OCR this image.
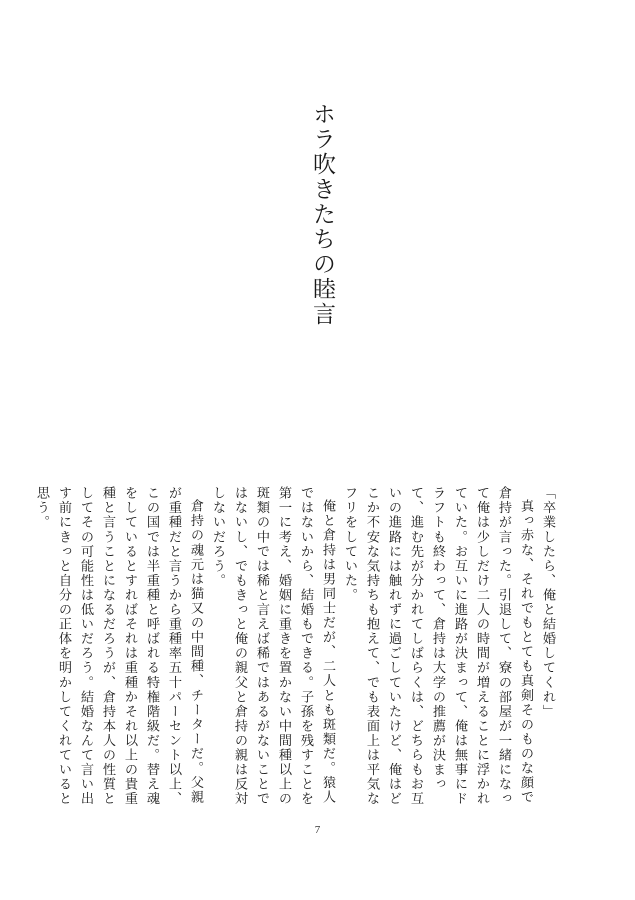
ホラ吹きたちの睦言

「卒業したら、俺と結婚してくれ」

真っ赤な、それでもとても真剣そのものな顔で倉持が言った。引退して、寮の部屋が一緒になって俺は少しだけ二人の時間が増えることに浮かれていた。お互いに進路が決まって、俺は無事にドラフトも終わって、倉持は大学の推薦が決まって、進む先が分かれてしばらくは、どちらもお互いの進路には触れずに過ごしていたけど、俺はどこか不安な気持ちも抱えて、でも表面上は平気なフリをしていた。

俺と倉持は男同士だが、二人とも斑類だ。猿人ではないから、結婚もできる。子孫を残すことを第一に考え、婚姻に重きを置かない中間種以上の斑類の中では稀と言えば稀ではあるがないことではないし、でもきっと俺の親父と倉持の親は反対しないだろう。

倉持の魂元は猫又の中間種、チーターだ。父親が重種だと言うから重種率五十パーセント以上、この国では半重種と呼ばれる特権階級だ。替え魂をしているとすればそれは重種かそれ以上の貴重種と言うことになるだろうが、倉持本人の性質としてその可能性は低いだろう。結婚なんて言い出す前にきっと自分の正体を明かしてくれていると思う。

7
